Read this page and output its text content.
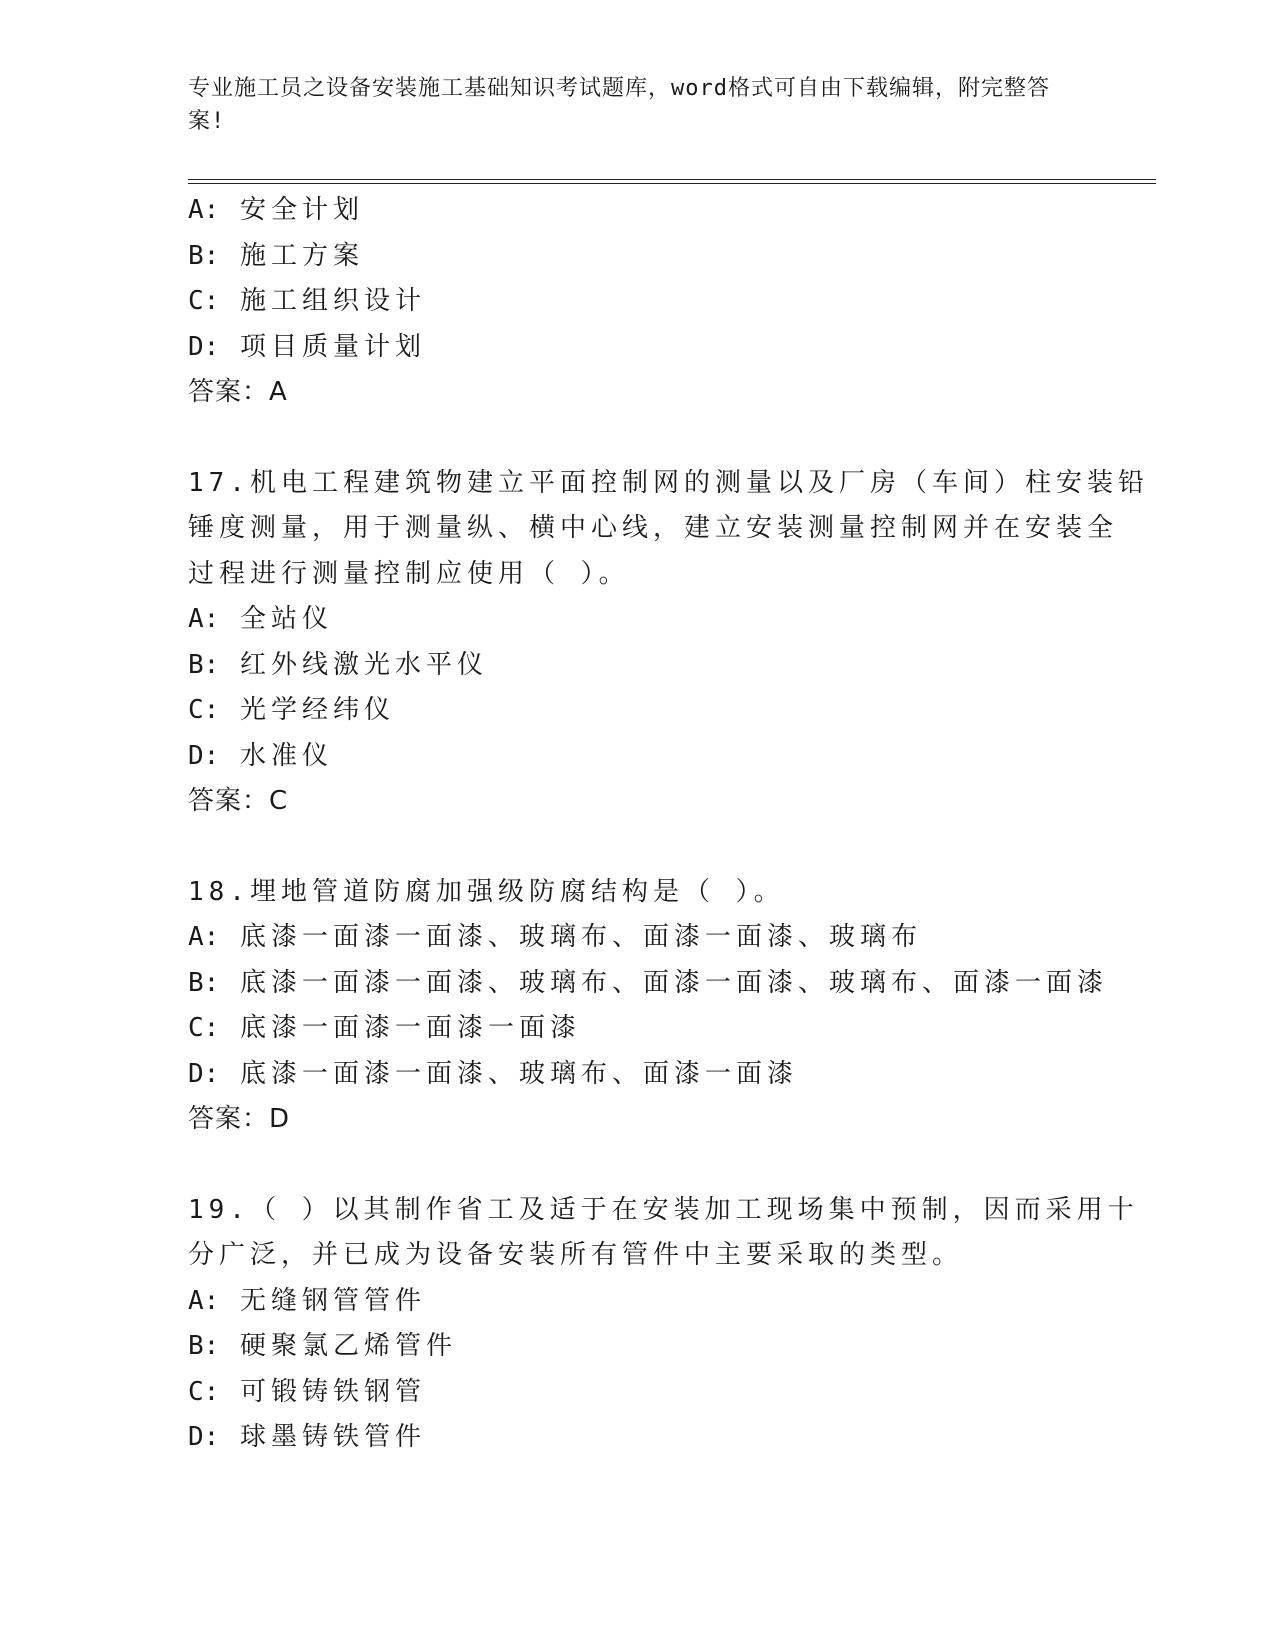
专业施工员之设备安装施工基础知识考试题库，word格式可自由下载编辑，附完整答案!
A: 安全计划
B: 施工方案
C: 施工组织设计
D: 项目质量计划
答案：A
17.机电工程建筑物建立平面控制网的测量以及厂房（车间）柱安装铅
锤度测量，用于测量纵、横中心线，建立安装测量控制网并在安装全
过程进行测量控制应使用（ ）。
A: 全站仪
B: 红外线激光水平仪
C: 光学经纬仪
D: 水准仪
答案：C
18.埋地管道防腐加强级防腐结构是（ ）。
A: 底漆一面漆一面漆、玻璃布、面漆一面漆、玻璃布
B: 底漆一面漆一面漆、玻璃布、面漆一面漆、玻璃布、面漆一面漆
C: 底漆一面漆一面漆一面漆
D: 底漆一面漆一面漆、玻璃布、面漆一面漆
答案：D
19.（ ）以其制作省工及适于在安装加工现场集中预制，因而采用十
分广泛，并已成为设备安装所有管件中主要采取的类型。
A: 无缝钢管管件
B: 硬聚氯乙烯管件
C: 可锻铸铁钢管
D: 球墨铸铁管件
